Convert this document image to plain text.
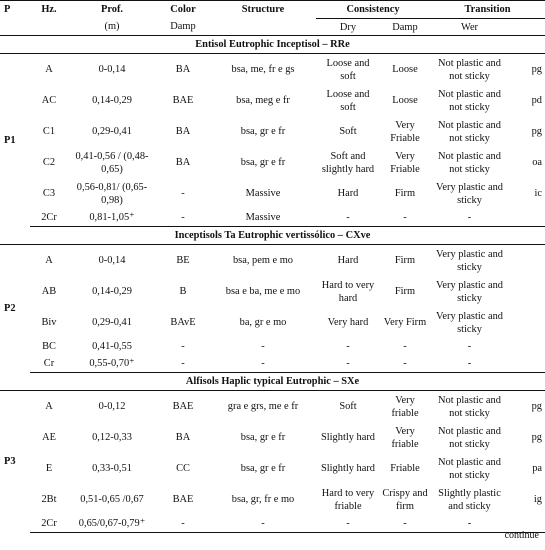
P	Hz.	Prof.	Color	Structure	Consistency		Transition	
		(m)	Damp		Dry	Damp	Wer	
Entisol Eutrophic Inceptisol – RRe								
P1	A	0-0,14	BA	bsa, me, fr e gs	Loose and soft	Loose	Not plastic and not sticky	pg
	AC	0,14-0,29	BAE	bsa, meg e fr	Loose and soft	Loose	Not plastic and not sticky	pd
	C1	0,29-0,41	BA	bsa, gr e fr	Soft	Very Friable	Not plastic and not sticky	pg
	C2	0,41-0,56 / (0,48-0,65)	BA	bsa, gr e fr	Soft and slightly hard	Very Friable	Not plastic and not sticky	oa
	C3	0,56-0,81/ (0,65-0,98)	-	Massive	Hard	Firm	Very plastic and sticky	ic
	2Cr	0,81-1,05⁺	-	Massive	-	-	-	
Inceptisols Ta Eutrophic vertissólico – CXve								
P2	A	0-0,14	BE	bsa, pem e mo	Hard	Firm	Very plastic and sticky	
	AB	0,14-0,29	B	bsa e ba, me e mo	Hard to very hard	Firm	Very plastic and sticky	
	Biv	0,29-0,41	BAvE	ba, gr e mo	Very hard	Very Firm	Very plastic and sticky	
	BC	0,41-0,55	-	-	-	-	-	
	Cr	0,55-0,70⁺	-	-	-	-	-	
Alfisols Haplic typical Eutrophic – SXe								
P3	A	0-0,12	BAE	gra e grs, me e fr	Soft	Very friable	Not plastic and not sticky	pg
	AE	0,12-0,33	BA	bsa, gr e fr	Slightly hard	Very friable	Not plastic and not sticky	pg
	E	0,33-0,51	CC	bsa, gr e fr	Slightly hard	Friable	Not plastic and not sticky	pa
	2Bt	0,51-0,65 /0,67	BAE	bsa, gr, fr e mo	Hard to very friable	Crispy and firm	Slightly plastic and sticky	ig
	2Cr	0,65/0,67-0,79⁺	-	-	-	-	-	
continue
